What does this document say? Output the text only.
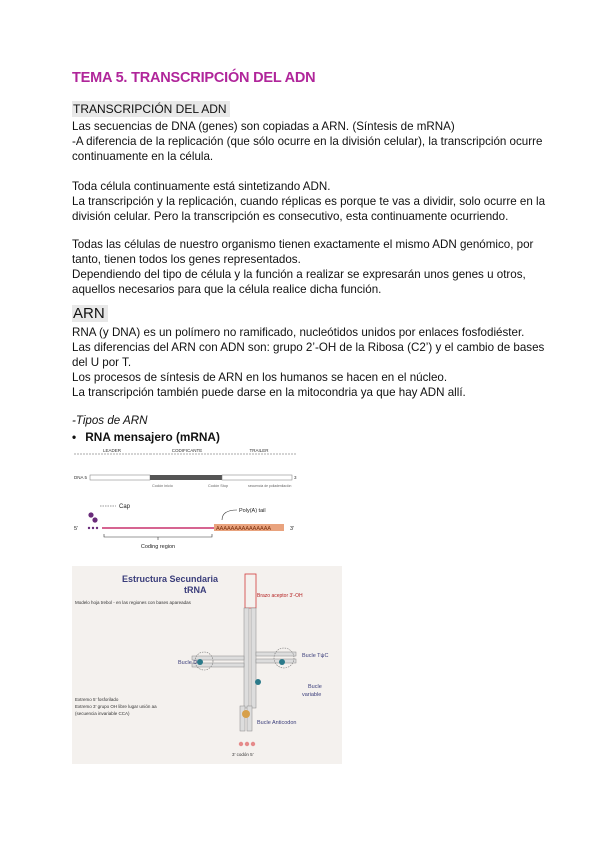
TEMA 5. TRANSCRIPCIÓN DEL ADN
TRANSCRIPCIÓN DEL ADN
Las secuencias de DNA (genes) son copiadas a ARN. (Síntesis de mRNA)
-A diferencia de la replicación (que sólo ocurre en la división celular), la transcripción ocurre
continuamente en la célula.
Toda célula continuamente está sintetizando ADN.
La transcripción y la replicación, cuando réplicas es porque te vas a dividir, solo ocurre en la
división celular. Pero la transcripción es consecutivo, esta continuamente ocurriendo.
Todas las células de nuestro organismo tienen exactamente el mismo ADN genómico, por
tanto, tienen todos los genes representados.
Dependiendo del tipo de célula y la función a realizar se expresarán unos genes u otros,
aquellos necesarios para que la célula realice dicha función.
ARN
RNA (y DNA) es un polímero no ramificado, nucleótidos unidos por enlaces fosfodiéster.
Las diferencias del ARN con ADN son: grupo 2’-OH de la Ribosa (C2’) y el cambio de bases
del U por T.
Los procesos de síntesis de ARN en los humanos se hacen en el núcleo.
La transcripción también puede darse en la mitocondria ya que hay ADN allí.
-Tipos de ARN
• RNA mensajero (mRNA)
LEADER	CODIFICANTE	TRAILER
DNA 5	3
Codón inicio	Codón Stop	secuencia de poliadenilación
Cap
5’	AAAAAAAAAAAAAAA	3’
Poly(A) tail
Coding region
Estructura Secundaria
tRNA
Modelo hoja trebol - en las regiones con bases apareadas
Brazo aceptor 3’-OH
Bucle D
Bucle TψC
Bucle
variable
Bucle Anticodon
Extremo 5’ fosforilado
Extremo 3’ grupo OH libre lugar unión aa
(secuencia invariable CCA)
3’ codón 5’
